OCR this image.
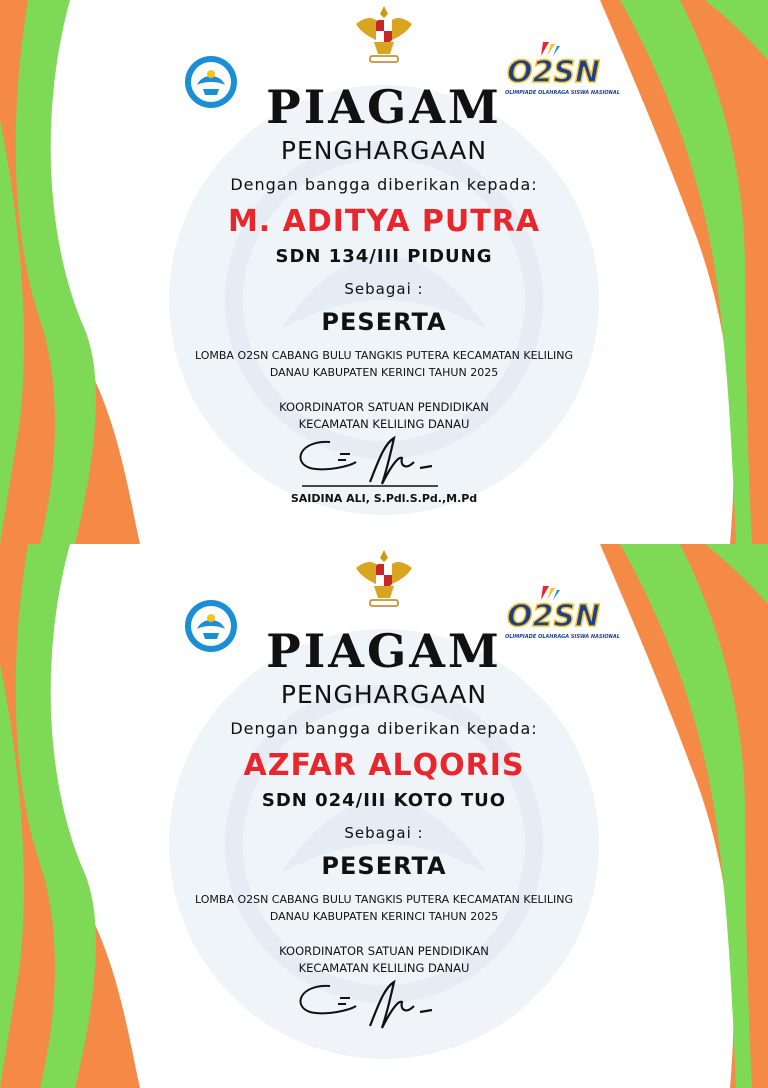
O2SN
OLIMPIADE OLAHRAGA SISWA NASIONAL
PIAGAM
PENGHARGAAN
Dengan bangga diberikan kepada:
M. ADITYA PUTRA
SDN 134/III PIDUNG
Sebagai :
PESERTA
LOMBA O2SN CABANG BULU TANGKIS PUTERA KECAMATAN KELILING
DANAU KABUPATEN KERINCI TAHUN 2025
KOORDINATOR SATUAN PENDIDIKAN
KECAMATAN KELILING DANAU
SAIDINA ALI, S.Pdl.S.Pd.,M.Pd
O2SN
OLIMPIADE OLAHRAGA SISWA NASIONAL
PIAGAM
PENGHARGAAN
Dengan bangga diberikan kepada:
AZFAR ALQORIS
SDN 024/III KOTO TUO
Sebagai :
PESERTA
LOMBA O2SN CABANG BULU TANGKIS PUTERA KECAMATAN KELILING
DANAU KABUPATEN KERINCI TAHUN 2025
KOORDINATOR SATUAN PENDIDIKAN
KECAMATAN KELILING DANAU
